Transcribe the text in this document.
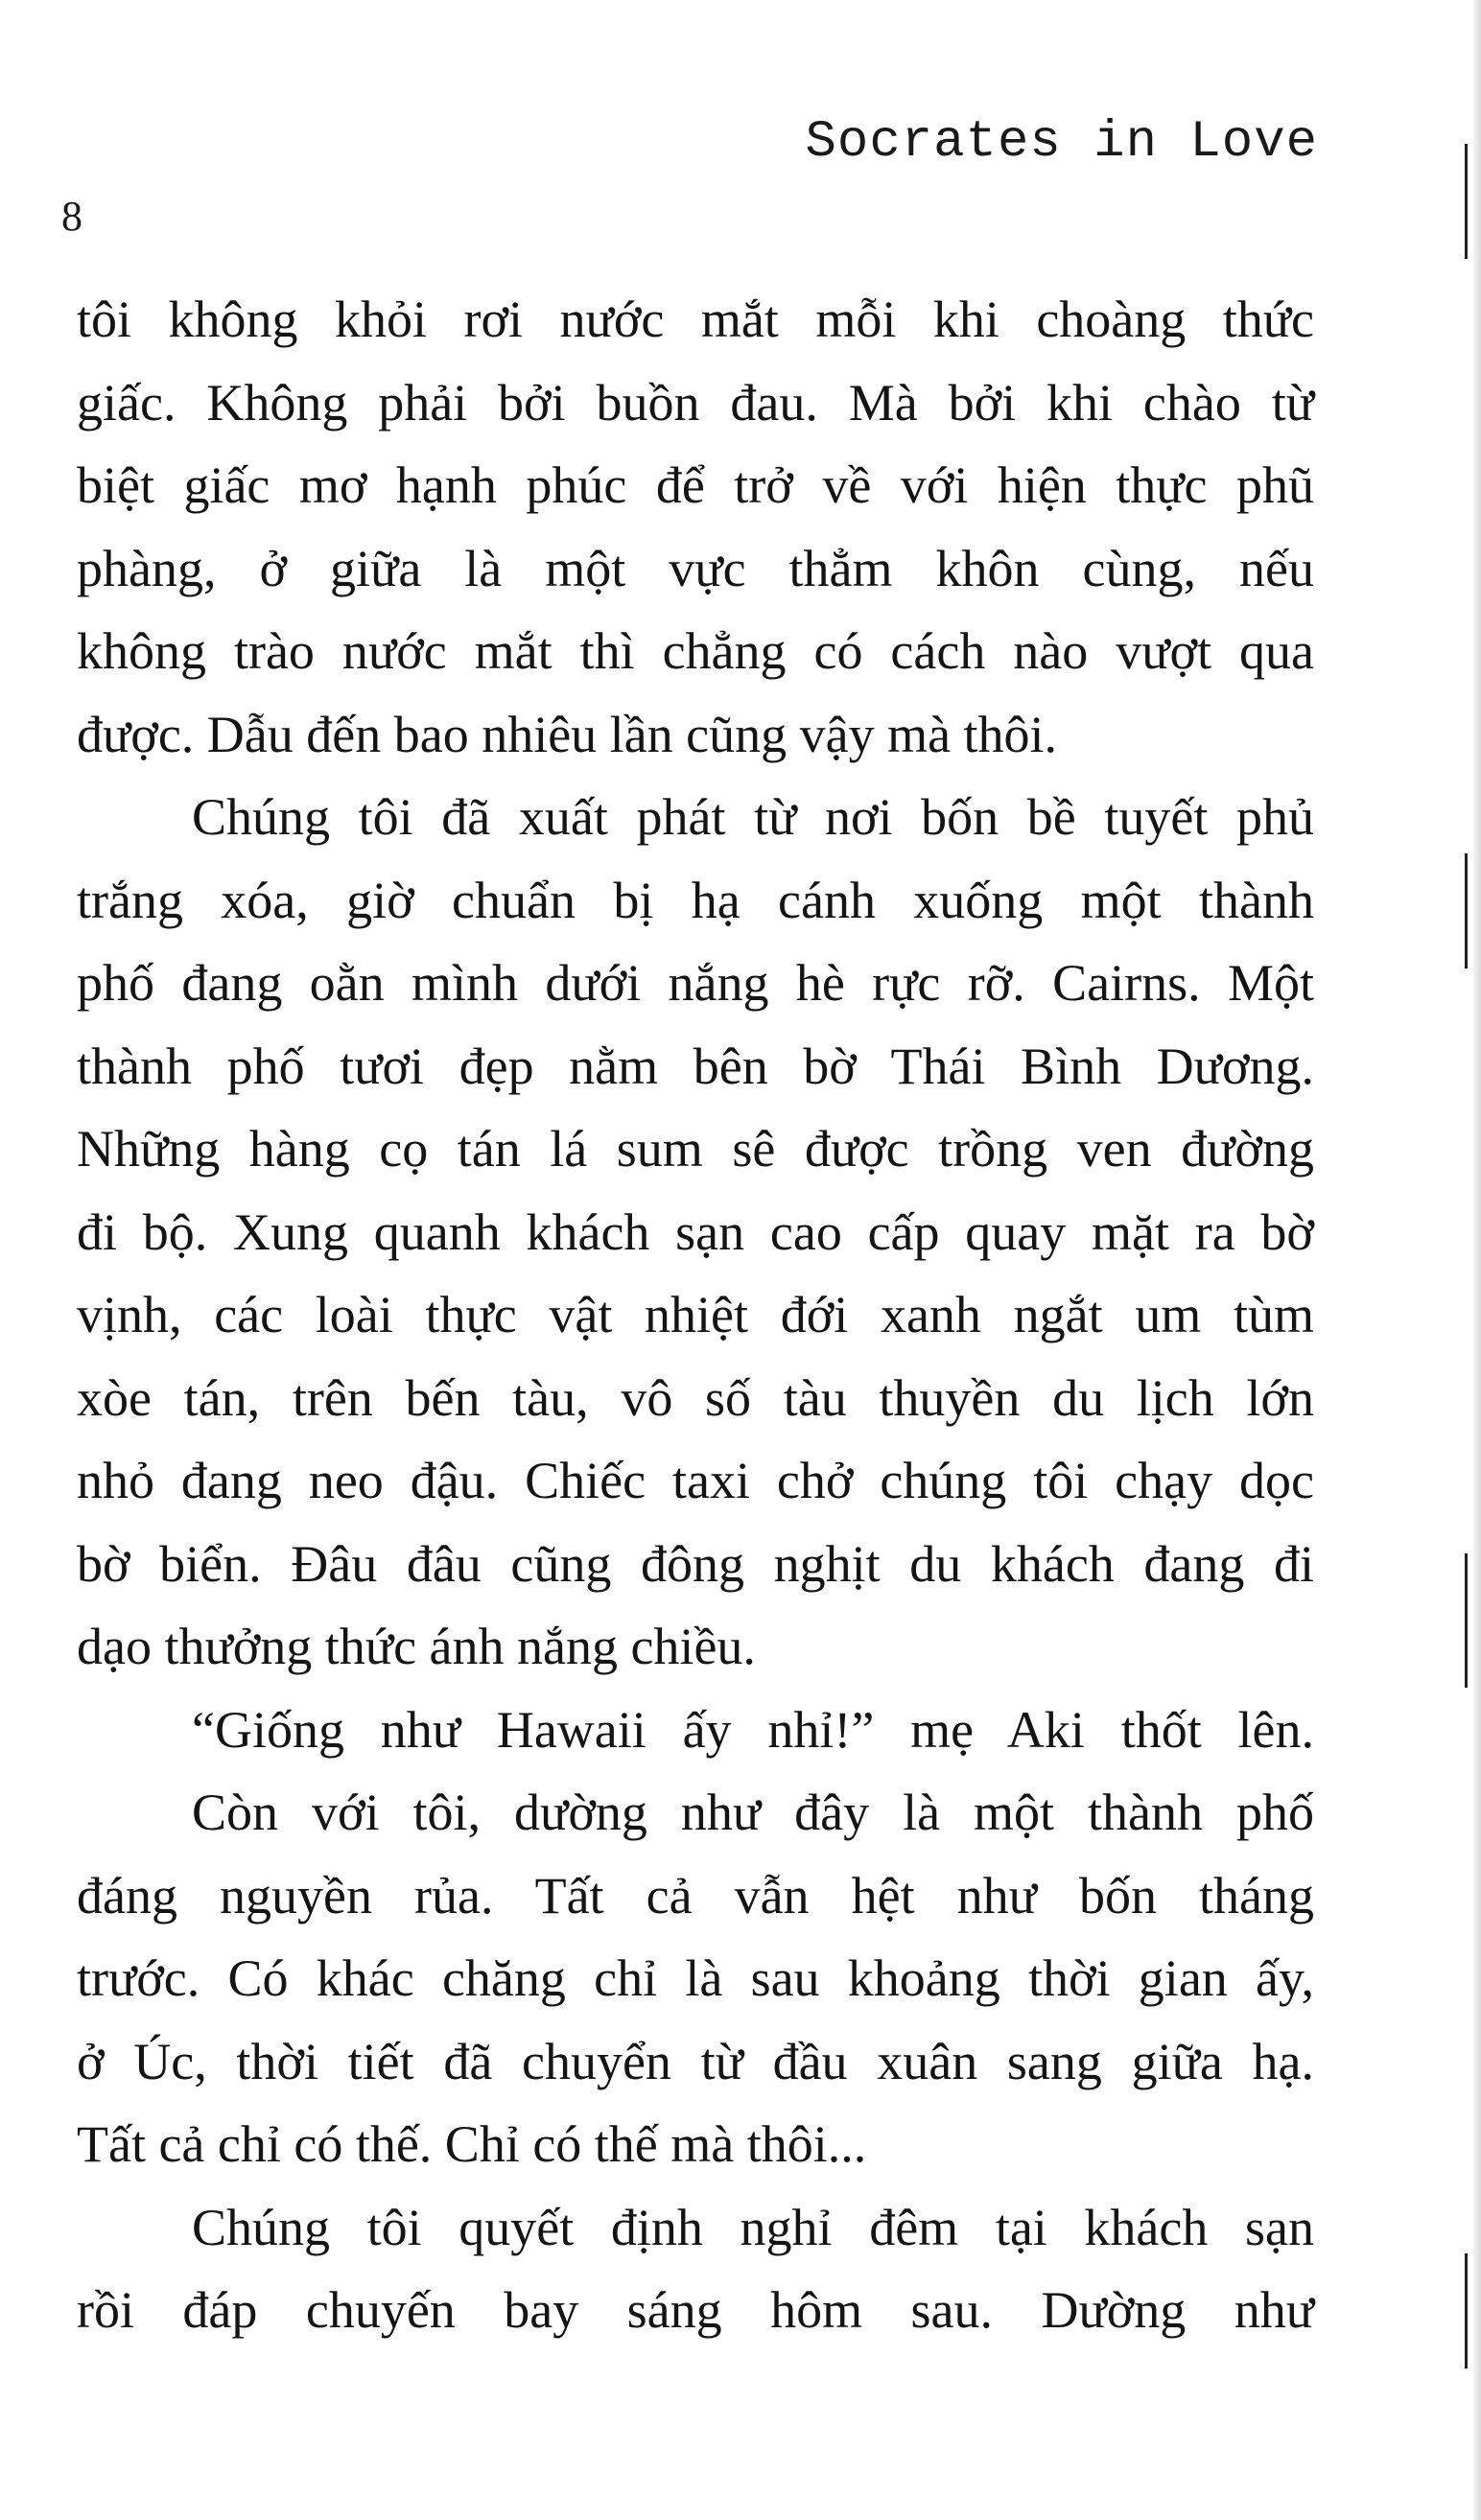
Socrates in Love
8
tôi không khỏi rơi nước mắt mỗi khi choàng thức
giấc. Không phải bởi buồn đau. Mà bởi khi chào từ
biệt giấc mơ hạnh phúc để trở về với hiện thực phũ
phàng, ở giữa là một vực thẳm khôn cùng, nếu
không trào nước mắt thì chẳng có cách nào vượt qua
được. Dẫu đến bao nhiêu lần cũng vậy mà thôi.
Chúng tôi đã xuất phát từ nơi bốn bề tuyết phủ
trắng xóa, giờ chuẩn bị hạ cánh xuống một thành
phố đang oằn mình dưới nắng hè rực rỡ. Cairns. Một
thành phố tươi đẹp nằm bên bờ Thái Bình Dương.
Những hàng cọ tán lá sum sê được trồng ven đường
đi bộ. Xung quanh khách sạn cao cấp quay mặt ra bờ
vịnh, các loài thực vật nhiệt đới xanh ngắt um tùm
xòe tán, trên bến tàu, vô số tàu thuyền du lịch lớn
nhỏ đang neo đậu. Chiếc taxi chở chúng tôi chạy dọc
bờ biển. Đâu đâu cũng đông nghịt du khách đang đi
dạo thưởng thức ánh nắng chiều.
“Giống như Hawaii ấy nhỉ!” mẹ Aki thốt lên.
Còn với tôi, dường như đây là một thành phố
đáng nguyền rủa. Tất cả vẫn hệt như bốn tháng
trước. Có khác chăng chỉ là sau khoảng thời gian ấy,
ở Úc, thời tiết đã chuyển từ đầu xuân sang giữa hạ.
Tất cả chỉ có thế. Chỉ có thế mà thôi...
Chúng tôi quyết định nghỉ đêm tại khách sạn
rồi đáp chuyến bay sáng hôm sau. Dường như
